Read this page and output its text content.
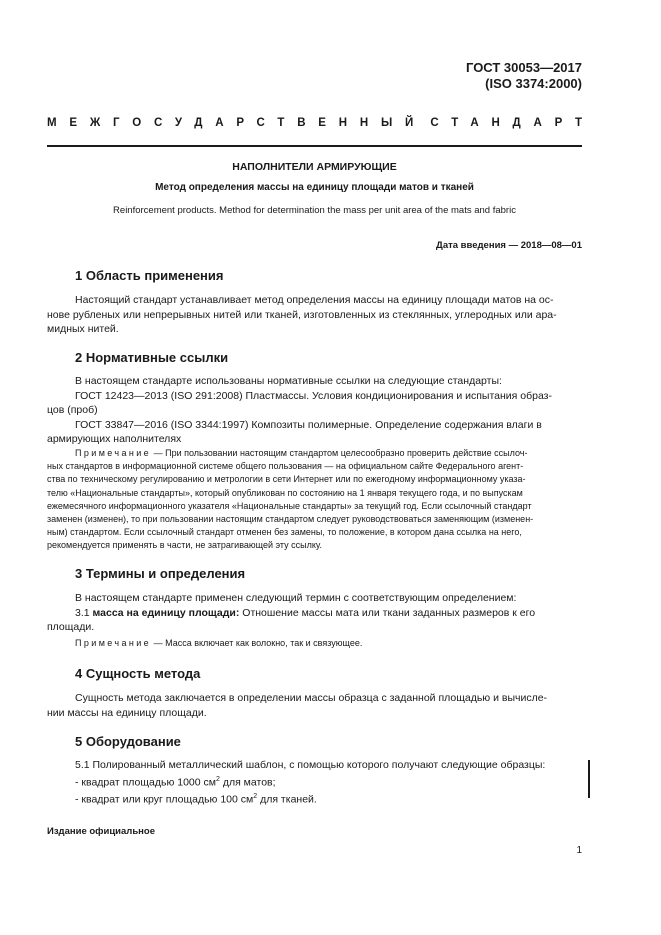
ГОСТ 30053—2017
(ISO 3374:2000)
МЕЖГОСУДАРСТВЕННЫЙ СТАНДАРТ
НАПОЛНИТЕЛИ АРМИРУЮЩИЕ
Метод определения массы на единицу площади матов и тканей
Reinforcement products. Method for determination the mass per unit area of the mats and fabric
Дата введения — 2018—08—01
1 Область применения

Настоящий стандарт устанавливает метод определения массы на единицу площади матов на ос-

нове рубленых или непрерывных нитей или тканей, изготовленных из стеклянных, углеродных или ара-

мидных нитей.

2 Нормативные ссылки

В настоящем стандарте использованы нормативные ссылки на следующие стандарты:

ГОСТ 12423—2013 (ISO 291:2008) Пластмассы. Условия кондиционирования и испытания образ-

цов (проб)

ГОСТ 33847—2016 (ISO 3344:1997) Композиты полимерные. Определение содержания влаги в

армирующих наполнителях

Примечание — При пользовании настоящим стандартом целесообразно проверить действие ссылоч-

ных стандартов в информационной системе общего пользования — на официальном сайте Федерального агент-

ства по техническому регулированию и метрологии в сети Интернет или по ежегодному информационному указа-

телю «Национальные стандарты», который опубликован по состоянию на 1 января текущего года, и по выпускам

ежемесячного информационного указателя «Национальные стандарты» за текущий год. Если ссылочный стандарт

заменен (изменен), то при пользовании настоящим стандартом следует руководствоваться заменяющим (изменен-

ным) стандартом. Если ссылочный стандарт отменен без замены, то положение, в котором дана ссылка на него,

рекомендуется применять в части, не затрагивающей эту ссылку.

3 Термины и определения

В настоящем стандарте применен следующий термин с соответствующим определением:

3.1 масса на единицу площади: Отношение массы мата или ткани заданных размеров к его

площади.

Примечание — Масса включает как волокно, так и связующее.

4 Сущность метода

Сущность метода заключается в определении массы образца с заданной площадью и вычисле-

нии массы на единицу площади.

5 Оборудование

5.1 Полированный металлический шаблон, с помощью которого получают следующие образцы:

- квадрат площадью 1000 $см^2$ для матов;

- квадрат или круг площадью 100 $см^2$ для тканей.

Издание официальное
1
